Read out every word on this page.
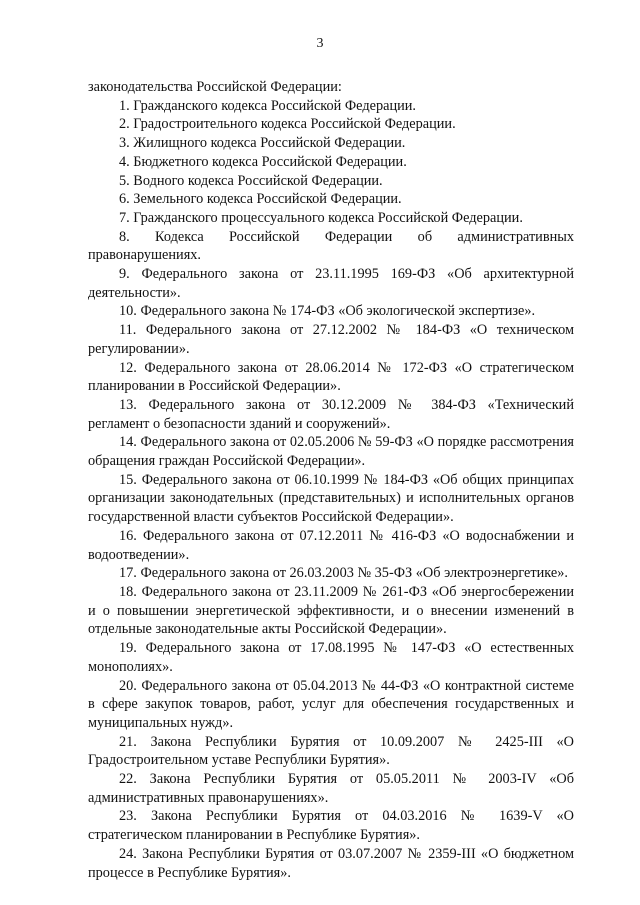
3

законодательства Российской Федерации:

1. Гражданского кодекса Российской Федерации.

2. Градостроительного кодекса Российской Федерации.

3. Жилищного кодекса Российской Федерации.

4. Бюджетного кодекса Российской Федерации.

5. Водного кодекса Российской Федерации.

6. Земельного кодекса Российской Федерации.

7. Гражданского процессуального кодекса Российской Федерации.

8. Кодекса Российской Федерации об административных правонарушениях.

9. Федерального закона от 23.11.1995 169-ФЗ «Об архитектурной деятельности».

10. Федерального закона № 174-ФЗ «Об экологической экспертизе».

11. Федерального закона от 27.12.2002 № 184-ФЗ «О техническом регулировании».

12. Федерального закона от 28.06.2014 № 172-ФЗ «О стратегическом планировании в Российской Федерации».

13. Федерального закона от 30.12.2009 № 384-ФЗ «Технический регламент о безопасности зданий и сооружений».

14. Федерального закона от 02.05.2006 № 59-ФЗ «О порядке рассмотрения обращения граждан Российской Федерации».

15. Федерального закона от 06.10.1999 № 184-ФЗ «Об общих принципах организации законодательных (представительных) и исполнительных органов государственной власти субъектов Российской Федерации».

16. Федерального закона от 07.12.2011 № 416-ФЗ «О водоснабжении и водоотведении».

17. Федерального закона от 26.03.2003 № 35-ФЗ «Об электроэнергетике».

18. Федерального закона от 23.11.2009 № 261-ФЗ «Об энергосбережении и о повышении энергетической эффективности, и о внесении изменений в отдельные законодательные акты Российской Федерации».

19. Федерального закона от 17.08.1995 № 147-ФЗ «О естественных монополиях».

20. Федерального закона от 05.04.2013 № 44-ФЗ «О контрактной системе в сфере закупок товаров, работ, услуг для обеспечения государственных и муниципальных нужд».

21. Закона Республики Бурятия от 10.09.2007 № 2425-III «О Градостроительном уставе Республики Бурятия».

22. Закона Республики Бурятия от 05.05.2011 № 2003-IV «Об административных правонарушениях».

23. Закона Республики Бурятия от 04.03.2016 № 1639-V «О стратегическом планировании в Республике Бурятия».

24. Закона Республики Бурятия от 03.07.2007 № 2359-III «О бюджетном процессе в Республике Бурятия».
